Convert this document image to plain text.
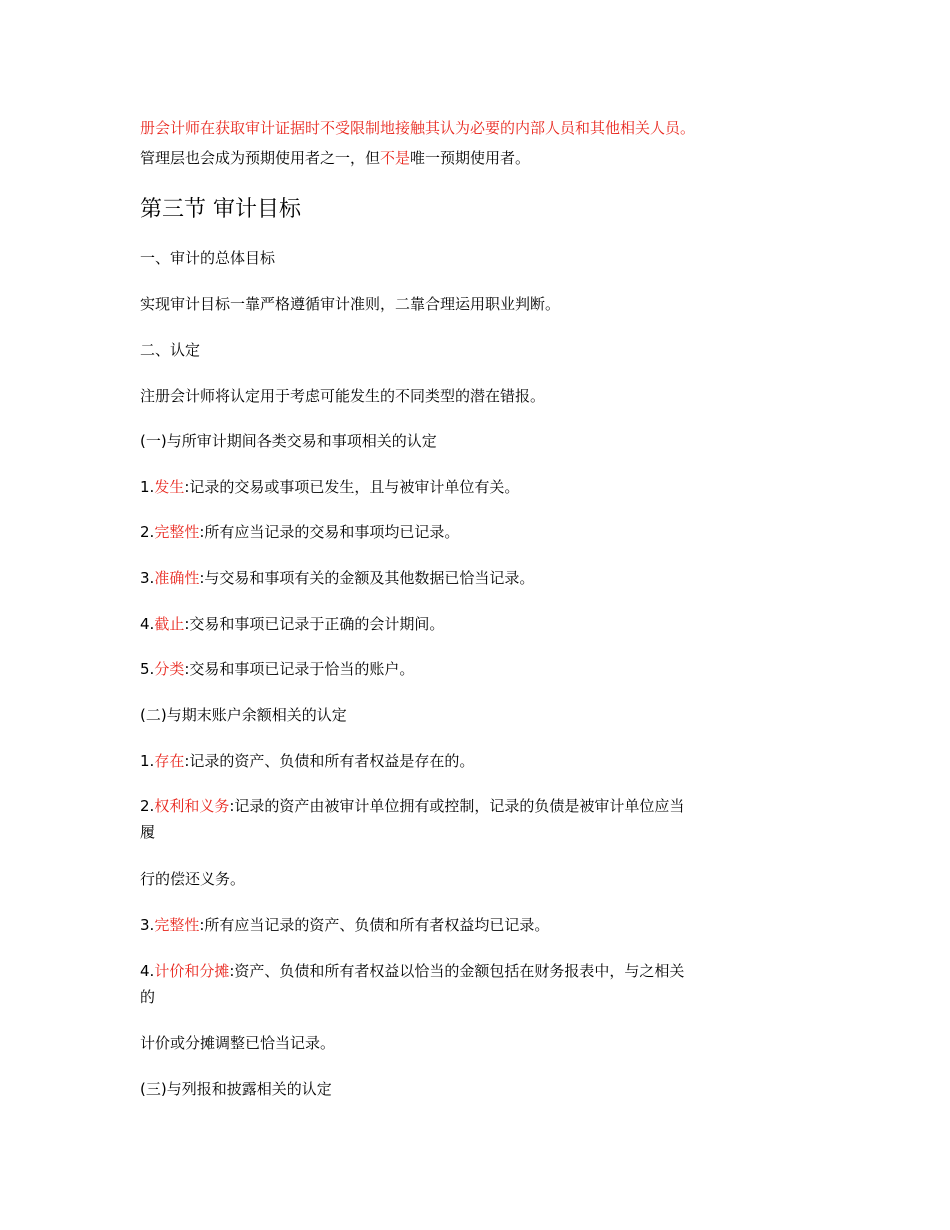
册会计师在获取审计证据时不受限制地接触其认为必要的内部人员和其他相关人员。
管理层也会成为预期使用者之一，但不是唯一预期使用者。
第三节 审计目标
一、审计的总体目标
实现审计目标一靠严格遵循审计准则，二靠合理运用职业判断。
二、认定
注册会计师将认定用于考虑可能发生的不同类型的潜在错报。
(一)与所审计期间各类交易和事项相关的认定
1.发生:记录的交易或事项已发生，且与被审计单位有关。
2.完整性:所有应当记录的交易和事项均已记录。
3.准确性:与交易和事项有关的金额及其他数据已恰当记录。
4.截止:交易和事项已记录于正确的会计期间。
5.分类:交易和事项已记录于恰当的账户。
(二)与期末账户余额相关的认定
1.存在:记录的资产、负债和所有者权益是存在的。
2.权利和义务:记录的资产由被审计单位拥有或控制，记录的负债是被审计单位应当
履
行的偿还义务。
3.完整性:所有应当记录的资产、负债和所有者权益均已记录。
4.计价和分摊:资产、负债和所有者权益以恰当的金额包括在财务报表中，与之相关
的
计价或分摊调整已恰当记录。
(三)与列报和披露相关的认定
